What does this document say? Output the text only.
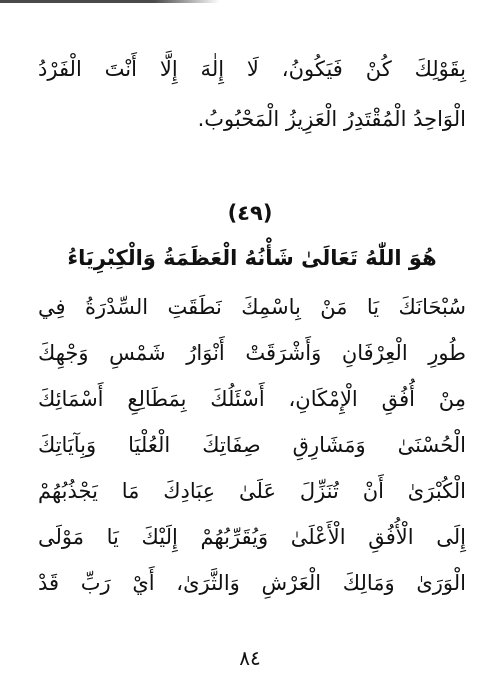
بِقَوْلِكَ كُنْ فَيَكُونُ، لَا إِلٰهَ إِلَّا أَنْتَ الْفَرْدُ
الْوَاحِدُ الْمُقْتَدِرُ الْعَزِيزُ الْمَحْبُوبُ.
(٤٩)
هُوَ اللّٰهُ تَعَالَىٰ شَأْنُهُ الْعَظَمَةُ وَالْكِبْرِيَاءُ
سُبْحَانَكَ يَا مَنْ بِاسْمِكَ نَطَقَتِ السِّدْرَةُ فِي
طُورِ الْعِرْفَانِ وَأَشْرَقَتْ أَنْوَارُ شَمْسِ وَجْهِكَ
مِنْ أُفُقِ الْإِمْكَانِ، أَسْئَلُكَ بِمَطَالِعِ أَسْمَائِكَ
الْحُسْنَىٰ وَمَشَارِقِ صِفَاتِكَ الْعُلْيَا وَبِآيَاتِكَ
الْكُبْرَىٰ أَنْ تُنَزِّلَ عَلَىٰ عِبَادِكَ مَا يَجْذُبُهُمْ
إِلَى الْأُفُقِ الْأَعْلَىٰ وَيُقَرِّبُهُمْ إِلَيْكَ يَا مَوْلَى
الْوَرَىٰ وَمَالِكَ الْعَرْشِ وَالثَّرَىٰ، أَيْ رَبِّ قَدْ
٨٤
